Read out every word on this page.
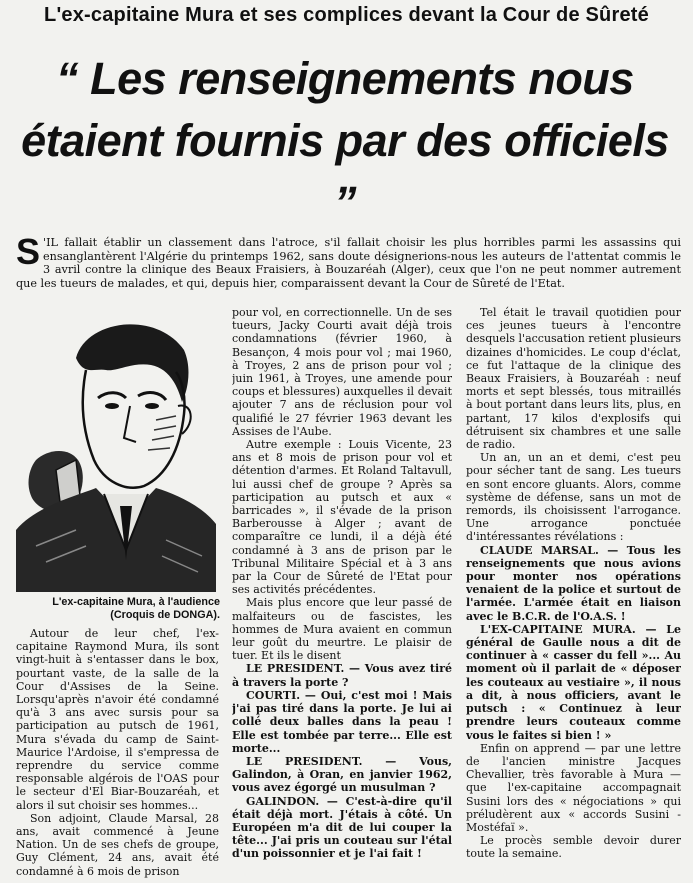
L'ex-capitaine Mura et ses complices devant la Cour de Sûreté
“ Les renseignements nous étaient fournis par des officiels ”
S 'IL fallait établir un classement dans l'atroce, s'il fallait choisir les plus horribles parmi les assassins qui ensanglantèrent l'Algérie du printemps 1962, sans doute désignerions-nous les auteurs de l'attentat commis le 3 avril contre la clinique des Beaux Fraisiers, à Bouzaréah (Alger), ceux que l'on ne peut nommer autrement que les tueurs de malades, et qui, depuis hier, comparaissent devant la Cour de Sûreté de l'Etat.
L'ex-capitaine Mura, à l'audience
(Croquis de DONGA).

Autour de leur chef, l'ex-capitaine Raymond Mura, ils sont vingt-huit à s'entasser dans le box, pourtant vaste, de la salle de la Cour d'Assises de la Seine. Lorsqu'après n'avoir été condamné qu'à 3 ans avec sursis pour sa participation au putsch de 1961, Mura s'évada du camp de Saint-Maurice l'Ardoise, il s'empressa de reprendre du service comme responsable algérois de l'OAS pour le secteur d'El Biar-Bouzaréah, et alors il sut choisir ses hommes...

Son adjoint, Claude Marsal, 28 ans, avait commencé à Jeune Nation. Un de ses chefs de groupe, Guy Clément, 24 ans, avait été condamné à 6 mois de prison

pour vol, en correctionnelle. Un de ses tueurs, Jacky Courti avait déjà trois condamnations (février 1960, à Besançon, 4 mois pour vol ; mai 1960, à Troyes, 2 ans de prison pour vol ; juin 1961, à Troyes, une amende pour coups et blessures) auxquelles il devait ajouter 7 ans de réclusion pour vol qualifié le 27 février 1963 devant les Assises de l'Aube.

Autre exemple : Louis Vicente, 23 ans et 8 mois de prison pour vol et détention d'armes. Et Roland Taltavull, lui aussi chef de groupe ? Après sa participation au putsch et aux « barricades », il s'évade de la prison Barberousse à Alger ; avant de comparaître ce lundi, il a déjà été condamné à 3 ans de prison par le Tribunal Militaire Spécial et à 3 ans par la Cour de Sûreté de l'Etat pour ses activités précédentes.

Mais plus encore que leur passé de malfaiteurs ou de fascistes, les hommes de Mura avaient en commun leur goût du meurtre. Le plaisir de tuer. Et ils le disent

LE PRESIDENT. — Vous avez tiré à travers la porte ?

COURTI. — Oui, c'est moi ! Mais j'ai pas tiré dans la porte. Je lui ai collé deux balles dans la peau ! Elle est tombée par terre... Elle est morte...

LE PRESIDENT. — Vous, Galindon, à Oran, en janvier 1962, vous avez égorgé un musulman ?

GALINDON. — C'est-à-dire qu'il était déjà mort. J'étais à côté. Un Européen m'a dit de lui couper la tête... J'ai pris un couteau sur l'étal d'un poissonnier et je l'ai fait !

Tel était le travail quotidien pour ces jeunes tueurs à l'encontre desquels l'accusation retient plusieurs dizaines d'homicides. Le coup d'éclat, ce fut l'attaque de la clinique des Beaux Fraisiers, à Bouzaréah : neuf morts et sept blessés, tous mitraillés à bout portant dans leurs lits, plus, en partant, 17 kilos d'explosifs qui détruisent six chambres et une salle de radio.

Un an, un an et demi, c'est peu pour sécher tant de sang. Les tueurs en sont encore gluants. Alors, comme système de défense, sans un mot de remords, ils choisissent l'arrogance. Une arrogance ponctuée d'intéressantes révélations :

CLAUDE MARSAL. — Tous les renseignements que nous avions pour monter nos opérations venaient de la police et surtout de l'armée. L'armée était en liaison avec le B.C.R. de l'O.A.S. !

L'EX-CAPITAINE MURA. — Le général de Gaulle nous a dit de continuer à « casser du fell »... Au moment où il parlait de « déposer les couteaux au vestiaire », il nous a dit, à nous officiers, avant le putsch : « Continuez à leur prendre leurs couteaux comme vous le faites si bien ! »

Enfin on apprend — par une lettre de l'ancien ministre Jacques Chevallier, très favorable à Mura — que l'ex-capitaine accompagnait Susini lors des « négociations » qui préludèrent aux « accords Susini - Mostéfaï ».

Le procès semble devoir durer toute la semaine.
